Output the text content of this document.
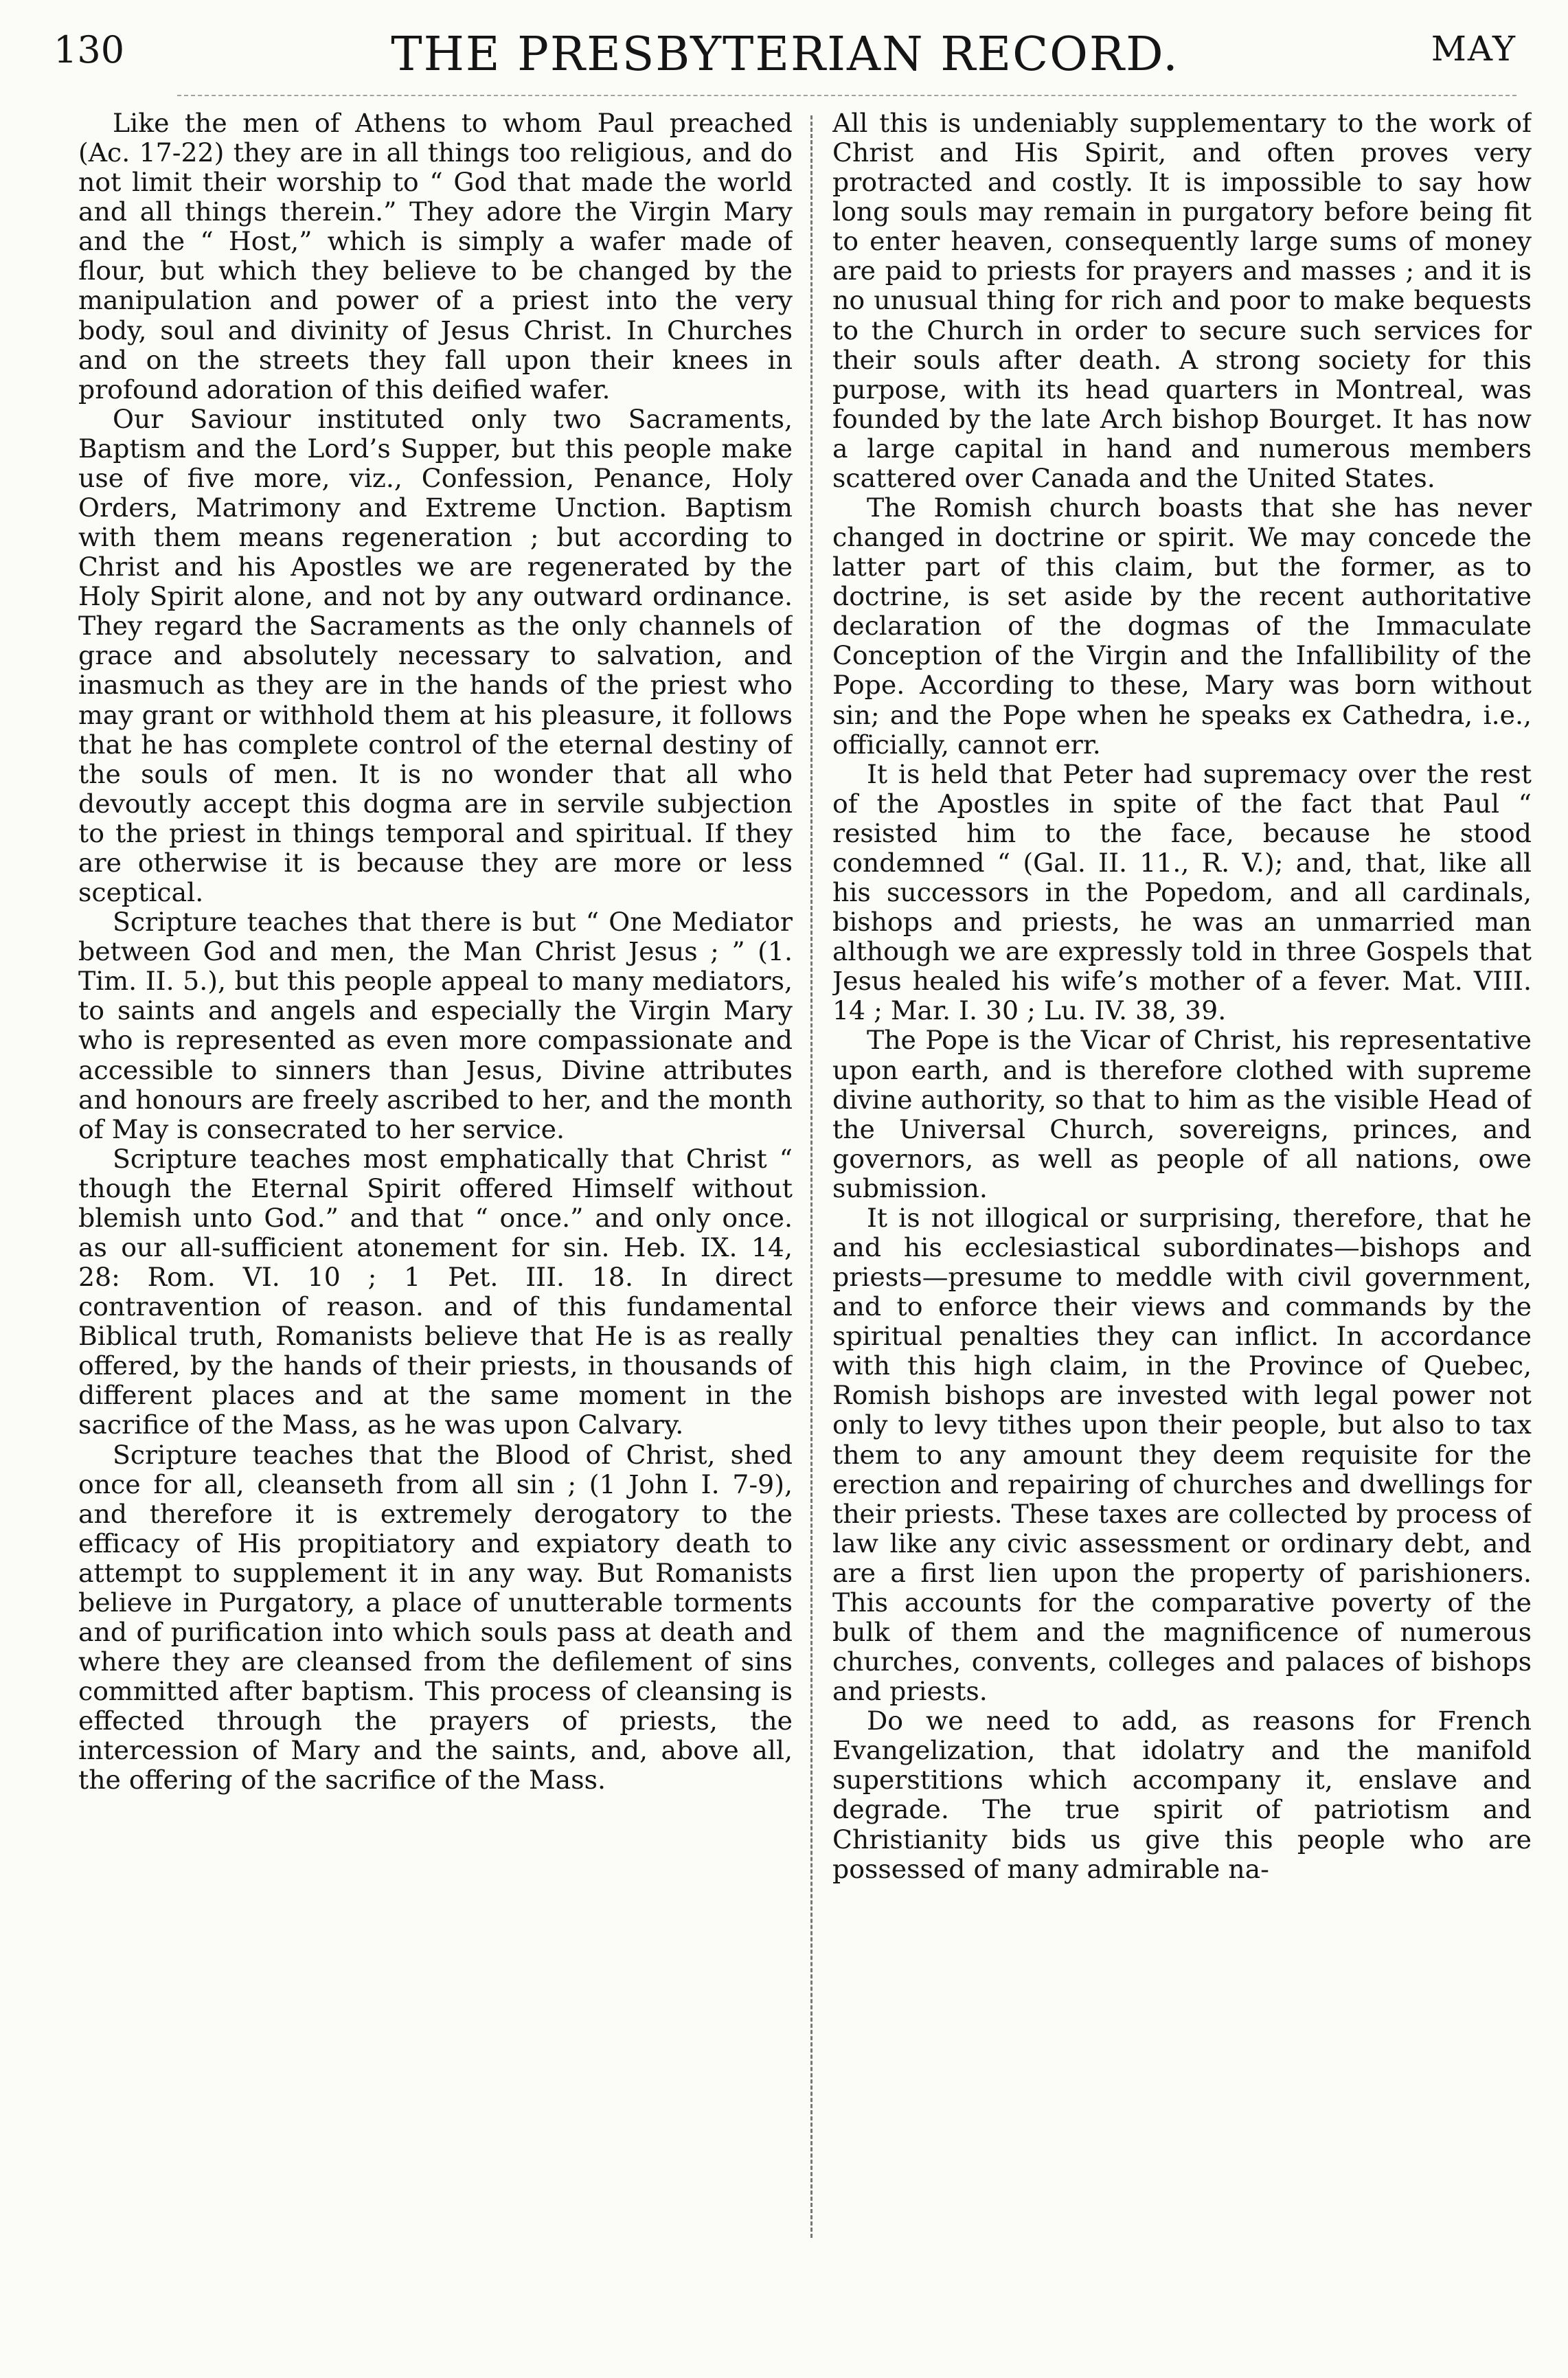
130	THE PRESBYTERIAN RECORD.	MAY

Like the men of Athens to whom Paul preached (Ac. 17-22) they are in all things too religious, and do not limit their worship to “ God that made the world and all things therein.” They adore the Virgin Mary and the “ Host,” which is simply a wafer made of flour, but which they believe to be changed by the manipulation and power of a priest into the very body, soul and divinity of Jesus Christ. In Churches and on the streets they fall upon their knees in profound adoration of this deified wafer.

Our Saviour instituted only two Sacraments, Baptism and the Lord’s Supper, but this people make use of five more, viz., Confession, Penance, Holy Orders, Matrimony and Extreme Unction. Baptism with them means regeneration ; but according to Christ and his Apostles we are regenerated by the Holy Spirit alone, and not by any outward ordinance. They regard the Sacraments as the only channels of grace and absolutely necessary to salvation, and inasmuch as they are in the hands of the priest who may grant or withhold them at his pleasure, it follows that he has complete control of the eternal destiny of the souls of men. It is no wonder that all who devoutly accept this dogma are in servile subjection to the priest in things temporal and spiritual. If they are otherwise it is because they are more or less sceptical.

Scripture teaches that there is but “ One Mediator between God and men, the Man Christ Jesus ; ” (1. Tim. II. 5.), but this people appeal to many mediators, to saints and angels and especially the Virgin Mary who is represented as even more compassionate and accessible to sinners than Jesus, Divine attributes and honours are freely ascribed to her, and the month of May is consecrated to her service.

Scripture teaches most emphatically that Christ “ though the Eternal Spirit offered Himself without blemish unto God.” and that “ once.” and only once. as our all-sufficient atonement for sin. Heb. IX. 14, 28: Rom. VI. 10 ; 1 Pet. III. 18. In direct contravention of reason. and of this fundamental Biblical truth, Romanists believe that He is as really offered, by the hands of their priests, in thousands of different places and at the same moment in the sacrifice of the Mass, as he was upon Calvary.

Scripture teaches that the Blood of Christ, shed once for all, cleanseth from all sin ; (1 John I. 7-9), and therefore it is extremely derogatory to the efficacy of His propitiatory and expiatory death to attempt to supplement it in any way. But Romanists believe in Purgatory, a place of unutterable torments and of purification into which souls pass at death and where they are cleansed from the defilement of sins committed after baptism. This process of cleansing is effected through the prayers of priests, the intercession of Mary and the saints, and, above all, the offering of the sacrifice of the Mass.

All this is undeniably supplementary to the work of Christ and His Spirit, and often proves very protracted and costly. It is impossible to say how long souls may remain in purgatory before being fit to enter heaven, consequently large sums of money are paid to priests for prayers and masses ; and it is no unusual thing for rich and poor to make bequests to the Church in order to secure such services for their souls after death. A strong society for this purpose, with its head quarters in Montreal, was founded by the late Arch bishop Bourget. It has now a large capital in hand and numerous members scattered over Canada and the United States.

The Romish church boasts that she has never changed in doctrine or spirit. We may concede the latter part of this claim, but the former, as to doctrine, is set aside by the recent authoritative declaration of the dogmas of the Immaculate Conception of the Virgin and the Infallibility of the Pope. According to these, Mary was born without sin; and the Pope when he speaks ex Cathedra, i.e., officially, cannot err.

It is held that Peter had supremacy over the rest of the Apostles in spite of the fact that Paul “ resisted him to the face, because he stood condemned “ (Gal. II. 11., R. V.); and, that, like all his successors in the Popedom, and all cardinals, bishops and priests, he was an unmarried man although we are expressly told in three Gospels that Jesus healed his wife’s mother of a fever. Mat. VIII. 14 ; Mar. I. 30 ; Lu. IV. 38, 39.

The Pope is the Vicar of Christ, his representative upon earth, and is therefore clothed with supreme divine authority, so that to him as the visible Head of the Universal Church, sovereigns, princes, and governors, as well as people of all nations, owe submission.

It is not illogical or surprising, therefore, that he and his ecclesiastical subordinates—bishops and priests—presume to meddle with civil government, and to enforce their views and commands by the spiritual penalties they can inflict. In accordance with this high claim, in the Province of Quebec, Romish bishops are invested with legal power not only to levy tithes upon their people, but also to tax them to any amount they deem requisite for the erection and repairing of churches and dwellings for their priests. These taxes are collected by process of law like any civic assessment or ordinary debt, and are a first lien upon the property of parishioners. This accounts for the comparative poverty of the bulk of them and the magnificence of numerous churches, convents, colleges and palaces of bishops and priests.

Do we need to add, as reasons for French Evangelization, that idolatry and the manifold superstitions which accompany it, enslave and degrade. The true spirit of patriotism and Christianity bids us give this people who are possessed of many admirable na-
